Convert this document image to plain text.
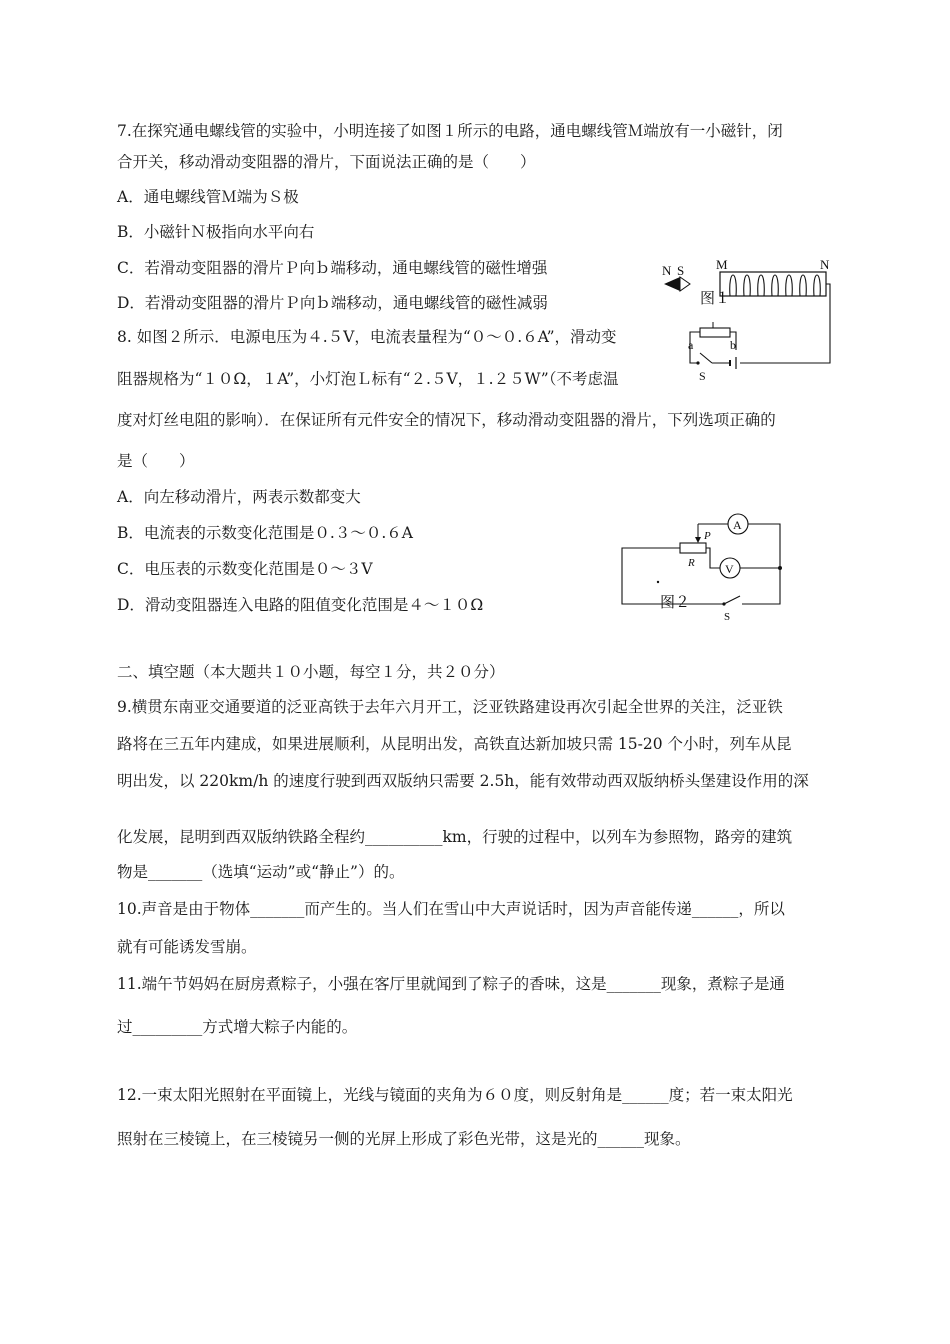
7.在探究通电螺线管的实验中，小明连接了如图１所示的电路，通电螺线管Ｍ端放有一小磁针，闭
合开关，移动滑动变阻器的滑片，下面说法正确的是（　　）
A．通电螺线管Ｍ端为Ｓ极
B．小磁针Ｎ极指向水平向右
C．若滑动变阻器的滑片Ｐ向ｂ端移动，通电螺线管的磁性增强
D．若滑动变阻器的滑片Ｐ向ｂ端移动，通电螺线管的磁性减弱
N S M	N
图１
S
a	b
8. 如图２所示．电源电压为４.５V，电流表量程为“０～０.６A”，滑动变
阻器规格为“１０Ω，１A”，小灯泡Ｌ标有“２.５V，１.２５W”（不考虑温
度对灯丝电阻的影响）．在保证所有元件安全的情况下，移动滑动变阻器的滑片，下列选项正确的
是（　　）
A．向左移动滑片，两表示数都变大
B．电流表的示数变化范围是０.３～０.６A
C．电压表的示数变化范围是０～３V
D．滑动变阻器连入电路的阻值变化范围是４～１０Ω
S
P
R
A
V
图２
二、填空题（本大题共１０小题，每空１分，共２０分）
9.横贯东南亚交通要道的泛亚高铁于去年六月开工，泛亚铁路建设再次引起全世界的关注，泛亚铁
路将在三五年内建成，如果进展顺利，从昆明出发，高铁直达新加坡只需 15-20 个小时，列车从昆
明出发，以 220km/h 的速度行驶到西双版纳只需要 2.5h，能有效带动西双版纳桥头堡建设作用的深
化发展，昆明到西双版纳铁路全程约__________km，行驶的过程中，以列车为参照物，路旁的建筑
物是_______（选填“运动”或“静止”）的。
10.声音是由于物体_______而产生的。当人们在雪山中大声说话时，因为声音能传递______，所以
就有可能诱发雪崩。
11.端午节妈妈在厨房煮粽子，小强在客厅里就闻到了粽子的香味，这是_______现象，煮粽子是通
过_________方式增大粽子内能的。
12.一束太阳光照射在平面镜上，光线与镜面的夹角为６０度，则反射角是______度；若一束太阳光
照射在三棱镜上，在三棱镜另一侧的光屏上形成了彩色光带，这是光的______现象。
